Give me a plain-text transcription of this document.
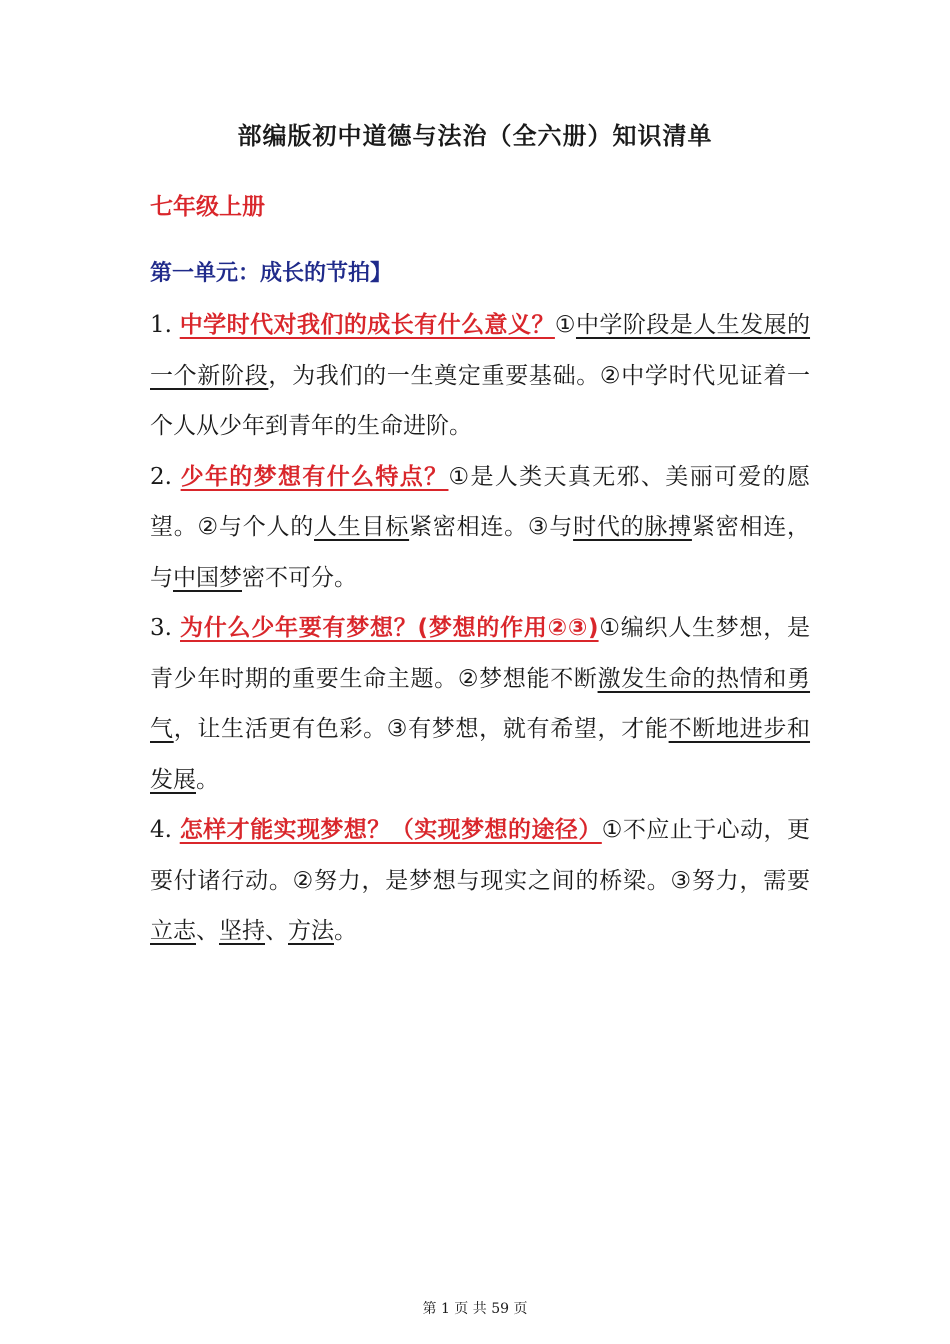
部编版初中道德与法治（全六册）知识清单
七年级上册
第一单元：成长的节拍】

1. 中学时代对我们的成长有什么意义？①中学阶段是人生发展的一个新阶段，为我们的一生奠定重要基础。②中学时代见证着一个人从少年到青年的生命进阶。

2. 少年的梦想有什么特点？①是人类天真无邪、美丽可爱的愿望。②与个人的人生目标紧密相连。③与时代的脉搏紧密相连，与中国梦密不可分。

3. 为什么少年要有梦想？(梦想的作用②③)①编织人生梦想，是青少年时期的重要生命主题。②梦想能不断激发生命的热情和勇气，让生活更有色彩。③有梦想，就有希望，才能不断地进步和发展。

4. 怎样才能实现梦想？（实现梦想的途径）①不应止于心动，更要付诸行动。②努力，是梦想与现实之间的桥梁。③努力，需要立志、坚持、方法。

第 1 页 共 59 页
